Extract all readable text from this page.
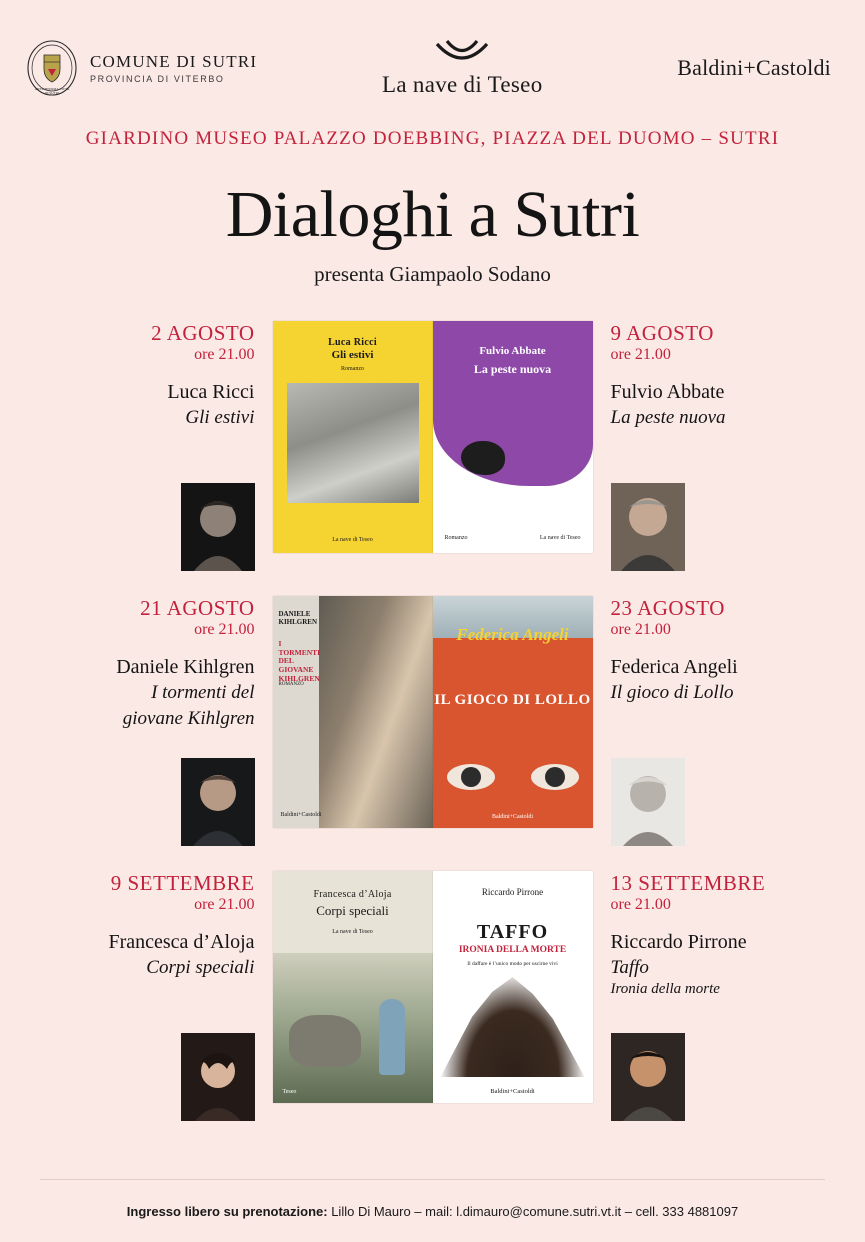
ANTICHISSIMA CITTÀ
DI SUTRI
COMUNE DI SUTRI
PROVINCIA DI VITERBO	La nave di Teseo
Baldini+Castoldi
GIARDINO MUSEO PALAZZO DOEBBING, PIAZZA DEL DUOMO – SUTRI
Dialoghi a Sutri
presenta Giampaolo Sodano
2 AGOSTO
ore 21.00
Luca Ricci
Gli estivi
Luca Ricci
Gli estivi
Romanzo
La nave di Teseo
Fulvio Abbate
La peste nuova
Romanzo	La nave di Teseo
9 AGOSTO
ore 21.00
Fulvio Abbate
La peste nuova
21 AGOSTO
ore 21.00
Daniele Kihlgren
I tormenti del
giovane Kihlgren
DANIELE KIHLGREN
I TORMENTI DEL GIOVANE KIHLGREN
ROMANZO
Baldini+Castoldi
Federica Angeli
IL GIOCO DI LOLLO
Baldini+Castoldi
23 AGOSTO
ore 21.00
Federica Angeli
Il gioco di Lollo
9 SETTEMBRE
ore 21.00
Francesca d’Aloja
Corpi speciali
Francesca d’Aloja
Corpi speciali
La nave di Teseo
Teseo
Riccardo Pirrone
TAFFO
IRONIA DELLA MORTE
Il daffare è l’unico modo per uscirne vivi
Baldini+Castoldi
13 SETTEMBRE
ore 21.00
Riccardo Pirrone
Taffo
Ironia della morte
Ingresso libero su prenotazione: Lillo Di Mauro – mail: l.dimauro@comune.sutri.vt.it – cell. 333 4881097
